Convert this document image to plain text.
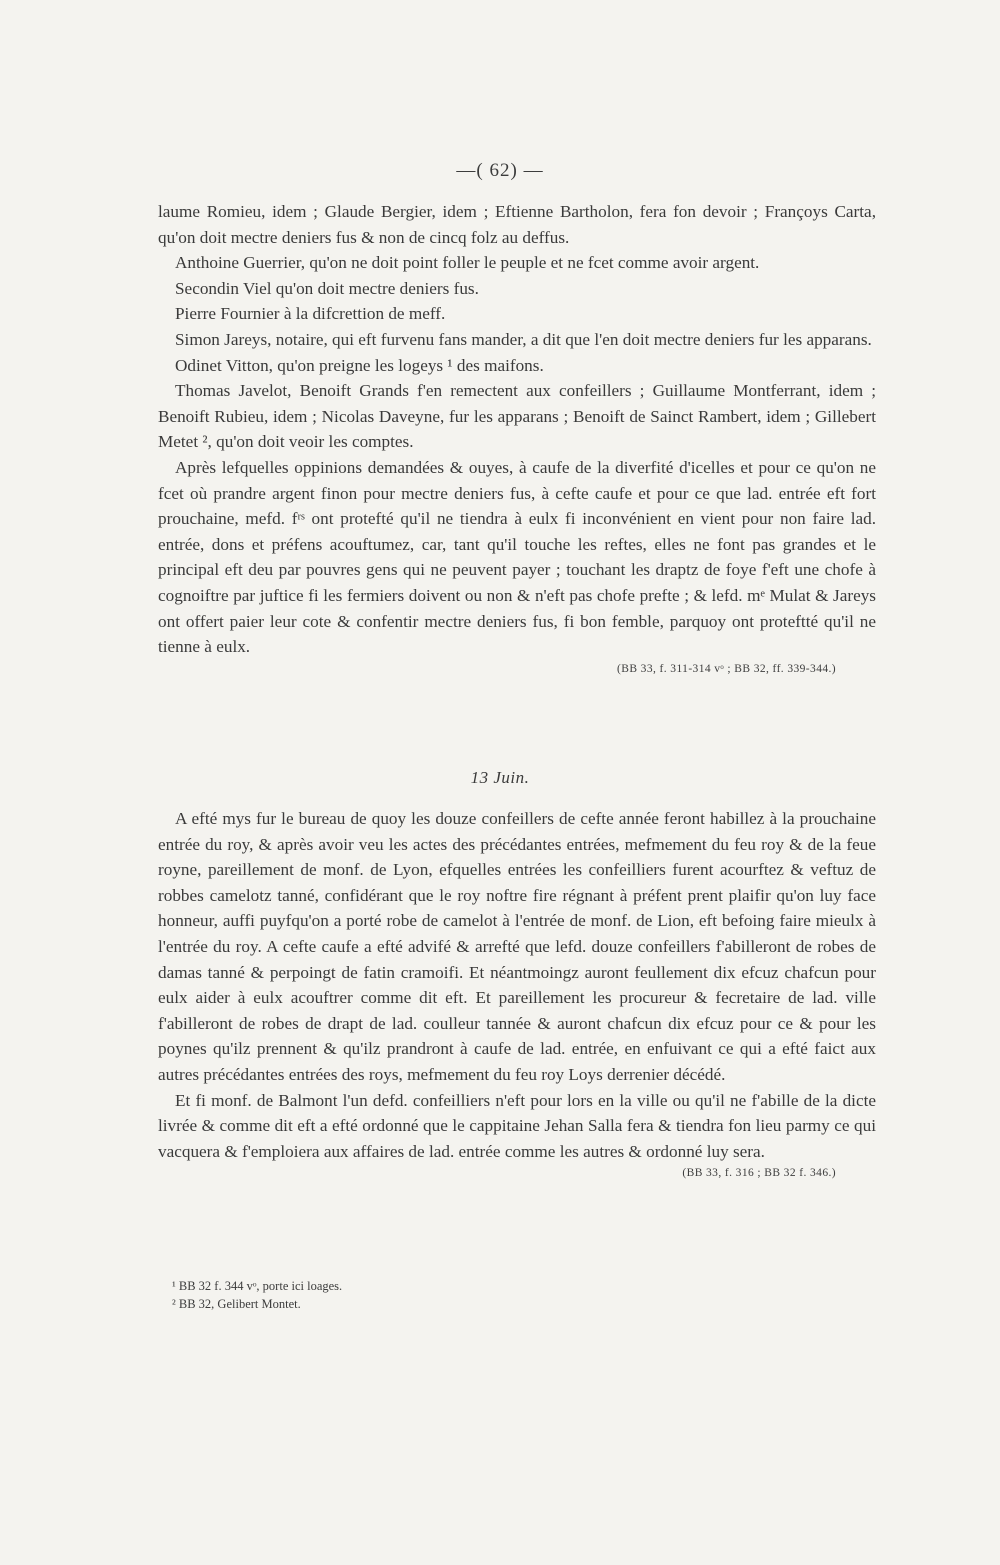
—( 62) —

laume Romieu, idem ; Glaude Bergier, idem ; Eftienne Bartholon, fera fon devoir ; Françoys Carta, qu'on doit mectre deniers fus & non de cincq folz au deffus.

Anthoine Guerrier, qu'on ne doit point foller le peuple et ne fcet comme avoir argent.

Secondin Viel qu'on doit mectre deniers fus.

Pierre Fournier à la difcrettion de meff.

Simon Jareys, notaire, qui eft furvenu fans mander, a dit que l'en doit mectre deniers fur les apparans.

Odinet Vitton, qu'on preigne les logeys ¹ des maifons.

Thomas Javelot, Benoift Grands f'en remectent aux confeillers ; Guillaume Montferrant, idem ; Benoift Rubieu, idem ; Nicolas Daveyne, fur les apparans ; Benoift de Sainct Rambert, idem ; Gillebert Metet ², qu'on doit veoir les comptes.

Après lefquelles oppinions demandées & ouyes, à caufe de la diverfité d'icelles et pour ce qu'on ne fcet où prandre argent finon pour mectre deniers fus, à cefte caufe et pour ce que lad. entrée eft fort prouchaine, mefd. fʳˢ ont protefté qu'il ne tiendra à eulx fi inconvénient en vient pour non faire lad. entrée, dons et préfens acouftumez, car, tant qu'il touche les reftes, elles ne font pas grandes et le principal eft deu par pouvres gens qui ne peuvent payer ; touchant les draptz de foye f'eft une chofe à cognoiftre par juftice fi les fermiers doivent ou non & n'eft pas chofe prefte ; & lefd. mᵉ Mulat & Jareys ont offert paier leur cote & confentir mectre deniers fus, fi bon femble, parquoy ont proteftté qu'il ne tienne à eulx.

(BB 33, f. 311-314 vᵒ ; BB 32, ff. 339-344.)
13 Juin.

A efté mys fur le bureau de quoy les douze confeillers de cefte année feront habillez à la prouchaine entrée du roy, & après avoir veu les actes des précédantes entrées, mefmement du feu roy & de la feue royne, pareillement de monf. de Lyon, efquelles entrées les confeilliers furent acourftez & veftuz de robbes camelotz tanné, confidérant que le roy noftre fire régnant à préfent prent plaifir qu'on luy face honneur, auffi puyfqu'on a porté robe de camelot à l'entrée de monf. de Lion, eft befoing faire mieulx à l'entrée du roy. A cefte caufe a efté advifé & arrefté que lefd. douze confeillers f'abilleront de robes de damas tanné & perpoingt de fatin cramoifi. Et néantmoingz auront feullement dix efcuz chafcun pour eulx aider à eulx acouftrer comme dit eft. Et pareillement les procureur & fecretaire de lad. ville f'abilleront de robes de drapt de lad. coulleur tannée & auront chafcun dix efcuz pour ce & pour les poynes qu'ilz prennent & qu'ilz prandront à caufe de lad. entrée, en enfuivant ce qui a efté faict aux autres précédantes entrées des roys, mefmement du feu roy Loys derrenier décédé.

Et fi monf. de Balmont l'un defd. confeilliers n'eft pour lors en la ville ou qu'il ne f'abille de la dicte livrée & comme dit eft a efté ordonné que le cappitaine Jehan Salla fera & tiendra fon lieu parmy ce qui vacquera & f'emploiera aux affaires de lad. entrée comme les autres & ordonné luy sera.

(BB 33, f. 316 ; BB 32 f. 346.)
¹ BB 32 f. 344 vᵒ, porte ici loages.
² BB 32, Gelibert Montet.
